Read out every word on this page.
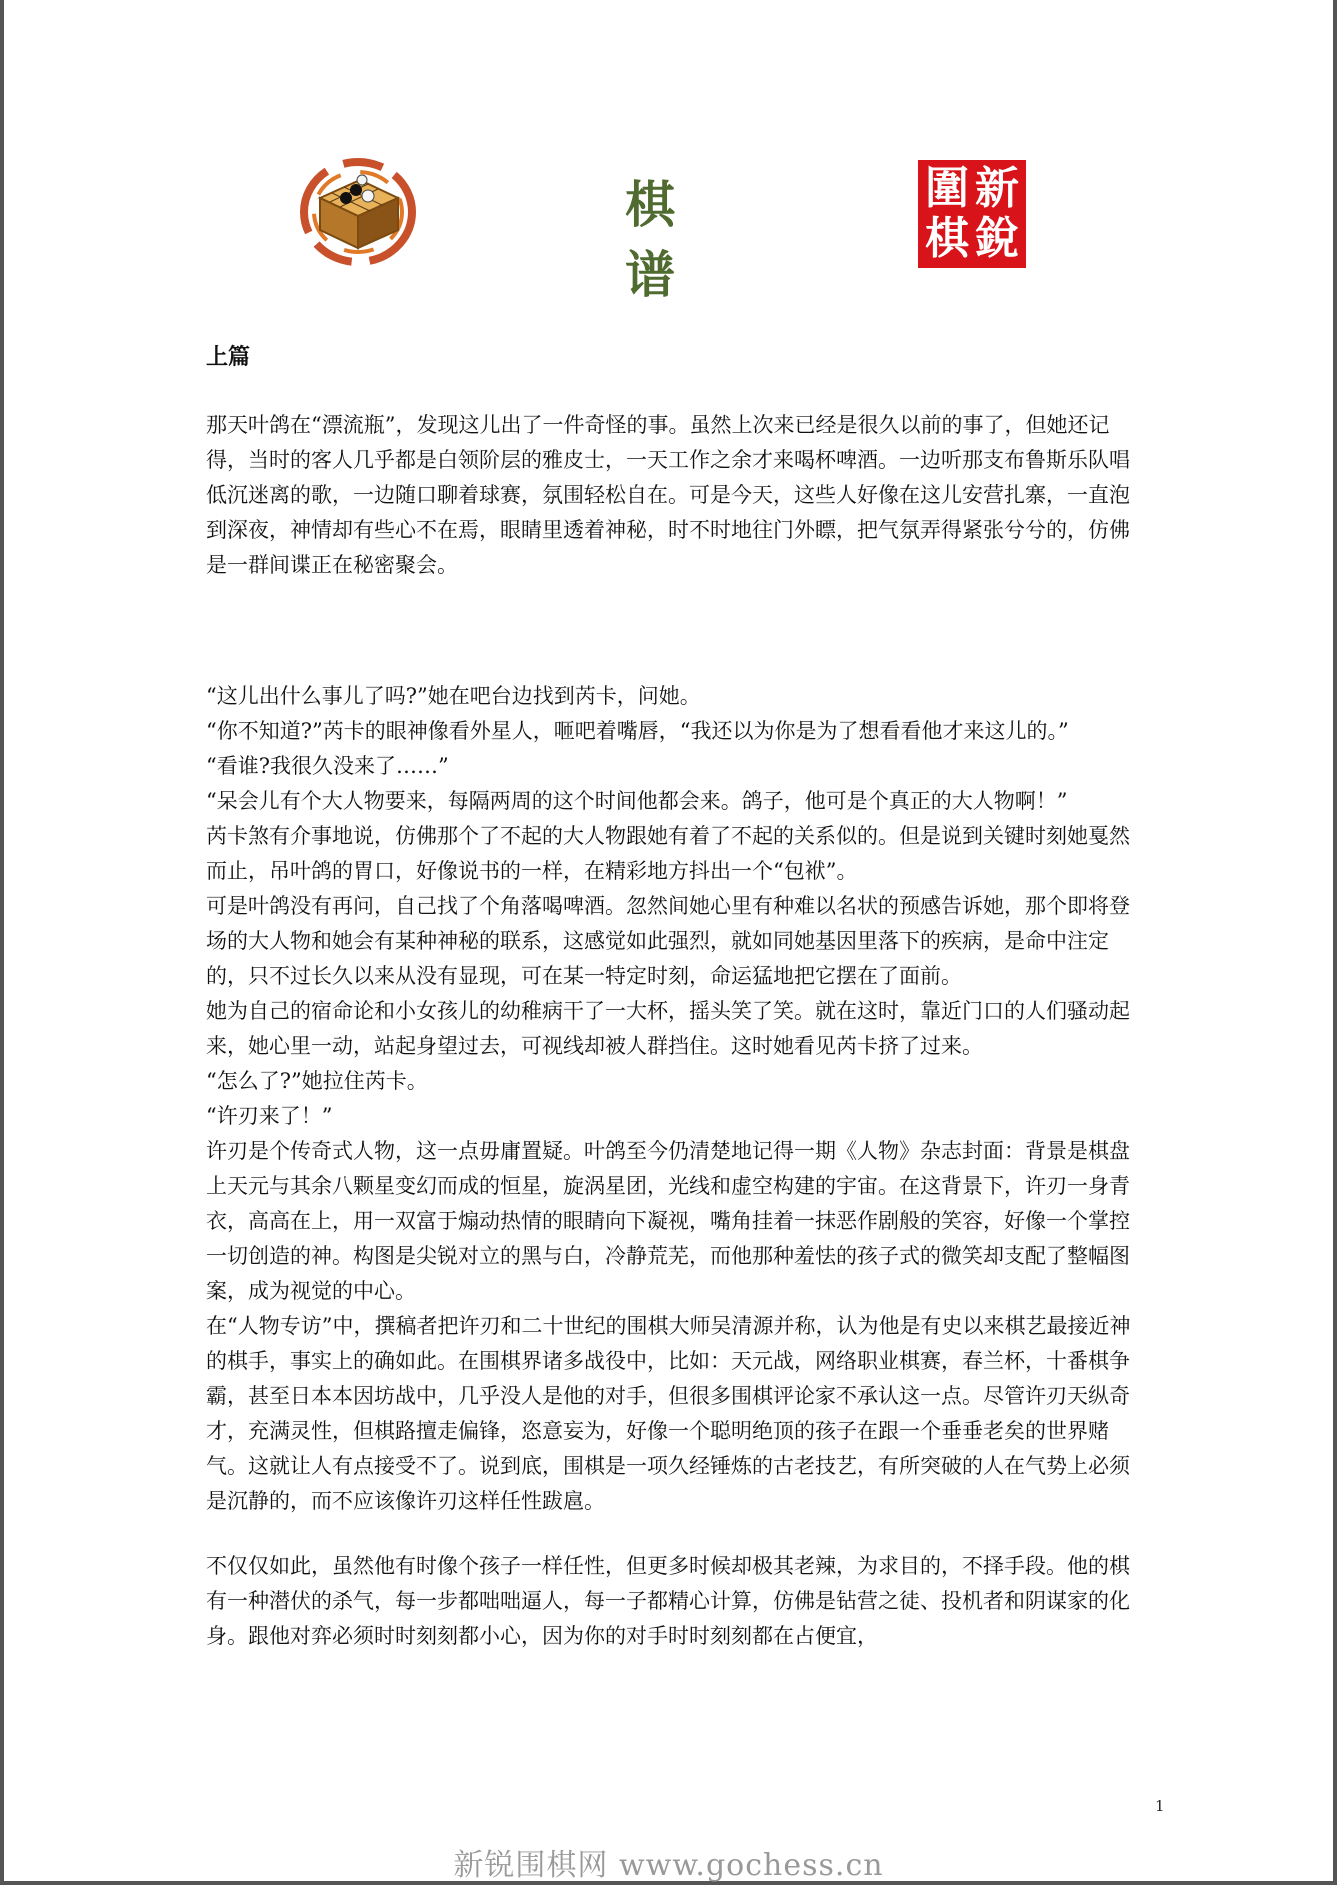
棋　谱
圍 新
棋 銳
上篇

那天叶鸽在“漂流瓶”，发现这儿出了一件奇怪的事。虽然上次来已经是很久以前的事了，但她还记得，当时的客人几乎都是白领阶层的雅皮士，一天工作之余才来喝杯啤酒。一边听那支布鲁斯乐队唱低沉迷离的歌，一边随口聊着球赛，氛围轻松自在。可是今天，这些人好像在这儿安营扎寨，一直泡到深夜，神情却有些心不在焉，眼睛里透着神秘，时不时地往门外瞟，把气氛弄得紧张兮兮的，仿佛是一群间谍正在秘密聚会。

“这儿出什么事儿了吗?”她在吧台边找到芮卡，问她。

“你不知道?”芮卡的眼神像看外星人，咂吧着嘴唇，“我还以为你是为了想看看他才来这儿的。”

“看谁?我很久没来了……”

“呆会儿有个大人物要来，每隔两周的这个时间他都会来。鸽子，他可是个真正的大人物啊！”

芮卡煞有介事地说，仿佛那个了不起的大人物跟她有着了不起的关系似的。但是说到关键时刻她戛然而止，吊叶鸽的胃口，好像说书的一样，在精彩地方抖出一个“包袱”。

可是叶鸽没有再问，自己找了个角落喝啤酒。忽然间她心里有种难以名状的预感告诉她，那个即将登场的大人物和她会有某种神秘的联系，这感觉如此强烈，就如同她基因里落下的疾病，是命中注定的，只不过长久以来从没有显现，可在某一特定时刻，命运猛地把它摆在了面前。

她为自己的宿命论和小女孩儿的幼稚病干了一大杯，摇头笑了笑。就在这时，靠近门口的人们骚动起来，她心里一动，站起身望过去，可视线却被人群挡住。这时她看见芮卡挤了过来。

“怎么了?”她拉住芮卡。

“许刃来了！”

许刃是个传奇式人物，这一点毋庸置疑。叶鸽至今仍清楚地记得一期《人物》杂志封面：背景是棋盘上天元与其余八颗星变幻而成的恒星，旋涡星团，光线和虚空构建的宇宙。在这背景下，许刃一身青衣，高高在上，用一双富于煽动热情的眼睛向下凝视，嘴角挂着一抹恶作剧般的笑容，好像一个掌控一切创造的神。构图是尖锐对立的黑与白，冷静荒芜，而他那种羞怯的孩子式的微笑却支配了整幅图案，成为视觉的中心。

在“人物专访”中，撰稿者把许刃和二十世纪的围棋大师吴清源并称，认为他是有史以来棋艺最接近神的棋手，事实上的确如此。在围棋界诸多战役中，比如：天元战，网络职业棋赛，春兰杯，十番棋争霸，甚至日本本因坊战中，几乎没人是他的对手，但很多围棋评论家不承认这一点。尽管许刃天纵奇才，充满灵性，但棋路擅走偏锋，恣意妄为，好像一个聪明绝顶的孩子在跟一个垂垂老矣的世界赌气。这就让人有点接受不了。说到底，围棋是一项久经锤炼的古老技艺，有所突破的人在气势上必须是沉静的，而不应该像许刃这样任性跋扈。

不仅仅如此，虽然他有时像个孩子一样任性，但更多时候却极其老辣，为求目的，不择手段。他的棋有一种潜伏的杀气，每一步都咄咄逼人，每一子都精心计算，仿佛是钻营之徒、投机者和阴谋家的化身。跟他对弈必须时时刻刻都小心，因为你的对手时时刻刻都在占便宜，

1
新锐围棋网 www.gochess.cn
